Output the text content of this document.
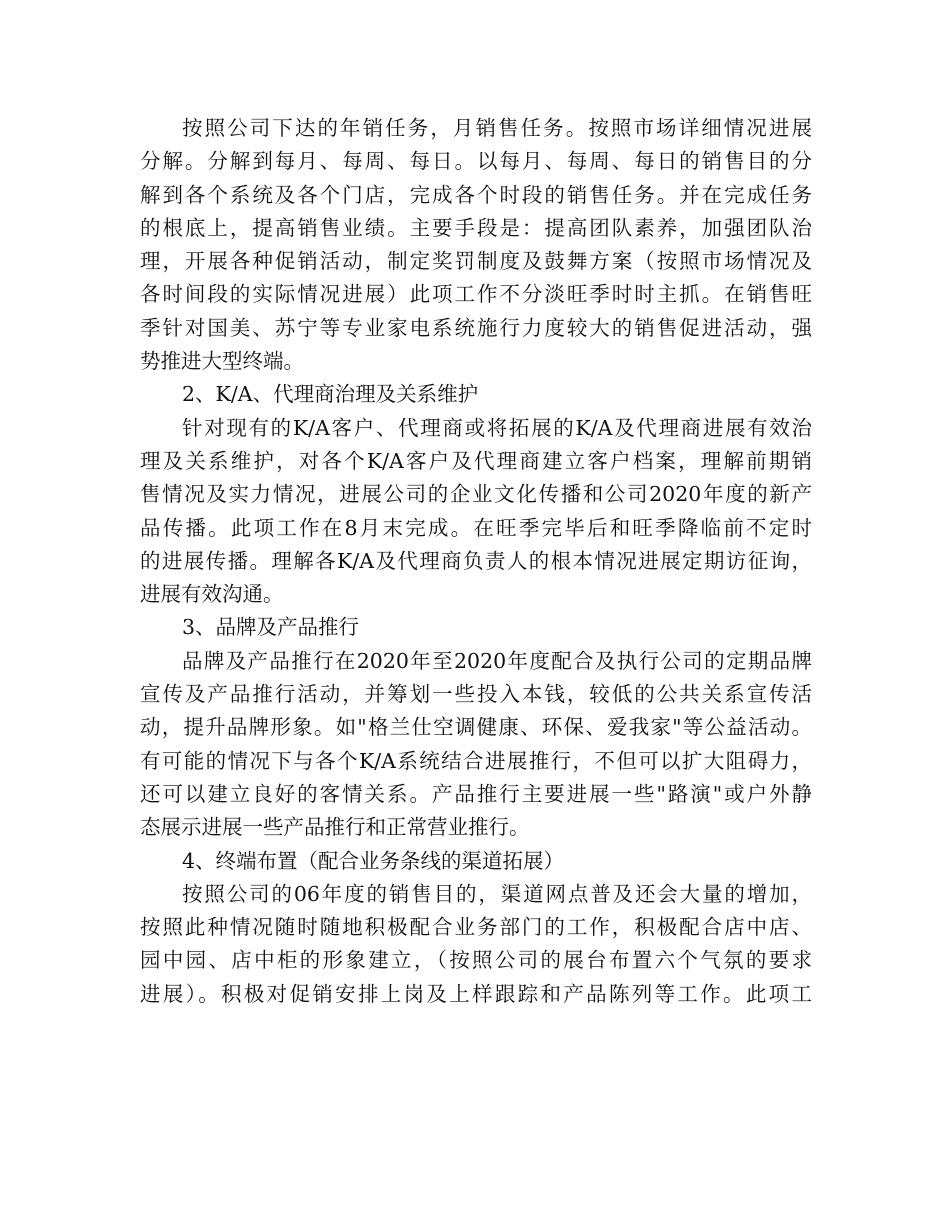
按照公司下达的年销任务，月销售任务。按照市场详细情况进展
分解。分解到每月、每周、每日。以每月、每周、每日的销售目的分
解到各个系统及各个门店，完成各个时段的销售任务。并在完成任务
的根底上，提高销售业绩。主要手段是：提高团队素养，加强团队治
理，开展各种促销活动，制定奖罚制度及鼓舞方案（按照市场情况及
各时间段的实际情况进展）此项工作不分淡旺季时时主抓。在销售旺
季针对国美、苏宁等专业家电系统施行力度较大的销售促进活动，强
势推进大型终端。
2、K/A、代理商治理及关系维护
针对现有的K/A客户、代理商或将拓展的K/A及代理商进展有效治
理及关系维护，对各个K/A客户及代理商建立客户档案，理解前期销
售情况及实力情况，进展公司的企业文化传播和公司2020年度的新产
品传播。此项工作在8月末完成。在旺季完毕后和旺季降临前不定时
的进展传播。理解各K/A及代理商负责人的根本情况进展定期访征询，
进展有效沟通。
3、品牌及产品推行
品牌及产品推行在2020年至2020年度配合及执行公司的定期品牌
宣传及产品推行活动，并筹划一些投入本钱，较低的公共关系宣传活
动，提升品牌形象。如"格兰仕空调健康、环保、爱我家"等公益活动。
有可能的情况下与各个K/A系统结合进展推行，不但可以扩大阻碍力，
还可以建立良好的客情关系。产品推行主要进展一些"路演"或户外静
态展示进展一些产品推行和正常营业推行。
4、终端布置（配合业务条线的渠道拓展）
按照公司的06年度的销售目的，渠道网点普及还会大量的增加，
按照此种情况随时随地积极配合业务部门的工作，积极配合店中店、
园中园、店中柜的形象建立，（按照公司的展台布置六个气氛的要求
进展）。积极对促销安排上岗及上样跟踪和产品陈列等工作。此项工
